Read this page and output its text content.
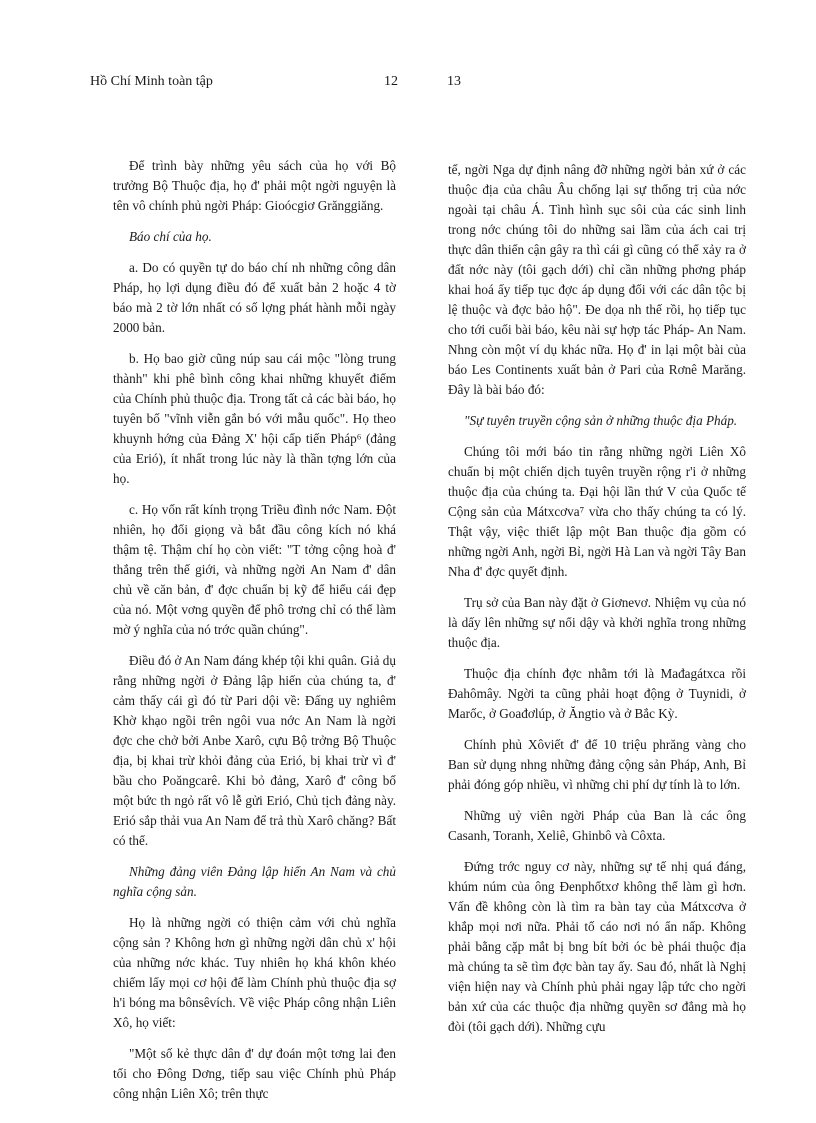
Hồ Chí Minh toàn tập	12	13

Để trình bày những yêu sách của họ với Bộ trưởng Bộ Thuộc địa, họ đ' phải một ngời nguyện là tên vô chính phủ ngời Pháp: Gioócgiơ Grănggiăng.

Báo chí của họ.

a. Do có quyền tự do báo chí nh những công dân Pháp, họ lợi dụng điều đó để xuất bản 2 hoặc 4 tờ báo mà 2 tờ lớn nhất có số lợng phát hành mỗi ngày 2000 bản.

b. Họ bao giờ cũng núp sau cái mộc "lòng trung thành" khi phê bình công khai những khuyết điểm của Chính phủ thuộc địa. Trong tất cả các bài báo, họ tuyên bố "vĩnh viễn gắn bó với mẫu quốc". Họ theo khuynh hớng của Đảng X' hội cấp tiến Pháp⁶ (đảng của Erió), ít nhất trong lúc này là thần tợng lớn của họ.

c. Họ vốn rất kính trọng Triều đình nớc Nam. Đột nhiên, họ đổi giọng và bắt đầu công kích nó khá thậm tệ. Thậm chí họ còn viết: "T tởng cộng hoà đ' thắng trên thế giới, và những ngời An Nam đ' dân chủ về căn bản, đ' đợc chuẩn bị kỹ để hiểu cái đẹp của nó. Một vơng quyền để phô trơng chỉ có thể làm mờ ý nghĩa của nó trớc quần chúng".

Điều đó ở An Nam đáng khép tội khi quân. Giả dụ rằng những ngời ở Đảng lập hiến của chúng ta, đ' cảm thấy cái gì đó từ Pari dội về: Đấng uy nghiêm Khờ khạo ngồi trên ngôi vua nớc An Nam là ngời đợc che chở bởi Anbe Xarô, cựu Bộ trởng Bộ Thuộc địa, bị khai trừ khỏi đảng của Erió, bị khai trừ vì đ' bầu cho Poăngcarê. Khi bỏ đảng, Xarô đ' công bố một bức th ngỏ rất vô lễ gửi Erió, Chủ tịch đảng này. Erió sắp thải vua An Nam để trả thù Xarô chăng? Bất có thể.

Những đảng viên Đảng lập hiến An Nam và chủ nghĩa cộng sản.

Họ là những ngời có thiện cảm với chủ nghĩa cộng sản ? Không hơn gì những ngời dân chủ x' hội của những nớc khác. Tuy nhiên họ khá khôn khéo chiếm lấy mọi cơ hội để làm Chính phủ thuộc địa sợ h'i bóng ma bônsêvích. Về việc Pháp công nhận Liên Xô, họ viết:

"Một số kẻ thực dân đ' dự đoán một tơng lai đen tối cho Đông Dơng, tiếp sau việc Chính phủ Pháp công nhận Liên Xô; trên thực

tế, ngời Nga dự định nâng đỡ những ngời bản xứ ở các thuộc địa của châu Âu chống lại sự thống trị của nớc ngoài tại châu Á. Tình hình sục sôi của các sinh linh trong nớc chúng tôi do những sai lầm của ách cai trị thực dân thiển cận gây ra thì cái gì cũng có thể xảy ra ở đất nớc này (tôi gạch dới) chỉ cần những phơng pháp khai hoá ấy tiếp tục đợc áp dụng đối với các dân tộc bị lệ thuộc và đợc bảo hộ". Đe dọa nh thế rồi, họ tiếp tục cho tới cuối bài báo, kêu nài sự hợp tác Pháp- An Nam. Nhng còn một ví dụ khác nữa. Họ đ' in lại một bài của báo Les Continents xuất bản ở Pari của Rơnê Marăng. Đây là bài báo đó:

"Sự tuyên truyền cộng sản ở những thuộc địa Pháp.

Chúng tôi mới báo tin rằng những ngời Liên Xô chuẩn bị một chiến dịch tuyên truyền rộng r'i ở những thuộc địa của chúng ta. Đại hội lần thứ V của Quốc tế Cộng sản của Mátxcơva⁷ vừa cho thấy chúng ta có lý. Thật vậy, việc thiết lập một Ban thuộc địa gồm có những ngời Anh, ngời Bỉ, ngời Hà Lan và ngời Tây Ban Nha đ' đợc quyết định.

Trụ sở của Ban này đặt ở Giơnevơ. Nhiệm vụ của nó là dấy lên những sự nổi dậy và khởi nghĩa trong những thuộc địa.

Thuộc địa chính đợc nhằm tới là Mađagátxca rồi Đahômây. Ngời ta cũng phải hoạt động ở Tuynidi, ở Marốc, ở Goađơlúp, ở Ăngtio và ở Bắc Kỳ.

Chính phủ Xôviết đ' để 10 triệu phrăng vàng cho Ban sử dụng nhng những đảng cộng sản Pháp, Anh, Bỉ phải đóng góp nhiều, vì những chi phí dự tính là to lớn.

Những uỷ viên ngời Pháp của Ban là các ông Casanh, Toranh, Xeliê, Ghinbô và Côxta.

Đứng trớc nguy cơ này, những sự tế nhị quá đáng, khúm núm của ông Đenphốtxơ không thể làm gì hơn. Vấn đề không còn là tìm ra bàn tay của Mátxcơva ở khắp mọi nơi nữa. Phải tố cáo nơi nó ẩn nấp. Không phải bằng cặp mắt bị bng bít bởi óc bè phái thuộc địa mà chúng ta sẽ tìm đợc bàn tay ấy. Sau đó, nhất là Nghị viện hiện nay và Chính phủ phải ngay lập tức cho ngời bản xứ của các thuộc địa những quyền sơ đẳng mà họ đòi (tôi gạch dới). Những cựu
